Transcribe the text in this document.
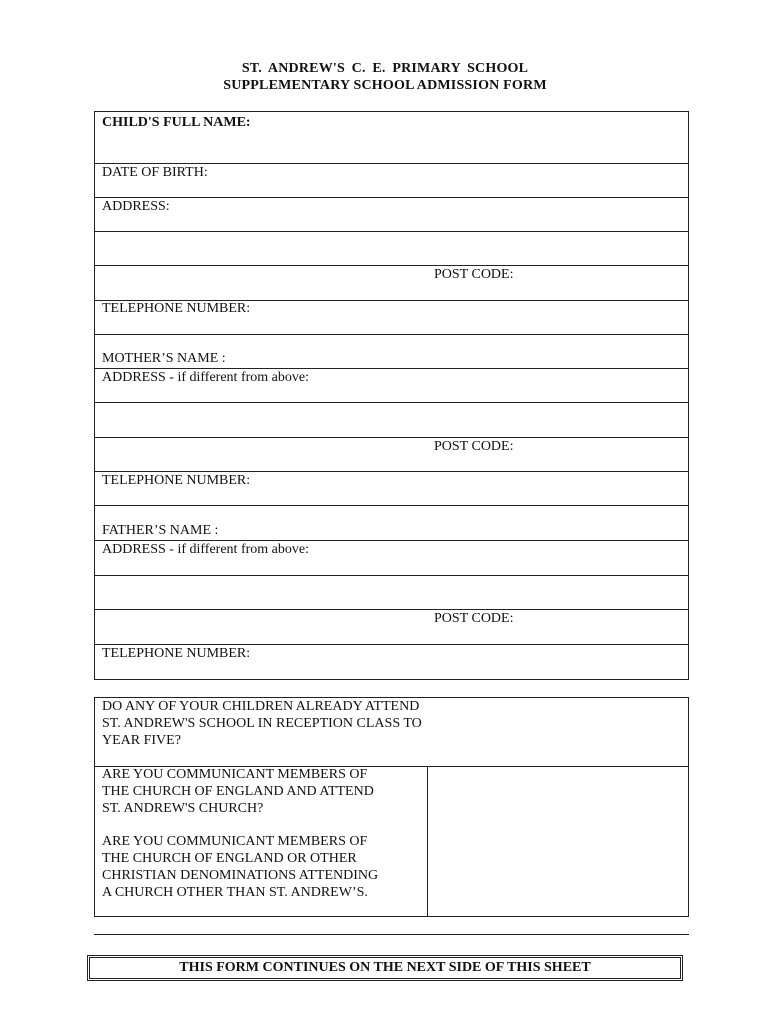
ST. ANDREW'S C. E. PRIMARY SCHOOL
SUPPLEMENTARY SCHOOL ADMISSION FORM
CHILD'S FULL NAME:
DATE OF BIRTH:
ADDRESS:
POST CODE:
TELEPHONE NUMBER:
MOTHER’S NAME :
ADDRESS - if different from above:
POST CODE:
TELEPHONE NUMBER:
FATHER’S NAME :
ADDRESS - if different from above:
POST CODE:
TELEPHONE NUMBER:
DO ANY OF YOUR CHILDREN ALREADY ATTEND
ST. ANDREW'S SCHOOL IN RECEPTION CLASS TO
YEAR FIVE?
ARE YOU COMMUNICANT MEMBERS OF
THE CHURCH OF ENGLAND AND ATTEND
ST. ANDREW'S CHURCH?
ARE YOU COMMUNICANT MEMBERS OF
THE CHURCH OF ENGLAND OR OTHER
CHRISTIAN DENOMINATIONS ATTENDING
A CHURCH OTHER THAN ST. ANDREW’S.
THIS FORM CONTINUES ON THE NEXT SIDE OF THIS SHEET
